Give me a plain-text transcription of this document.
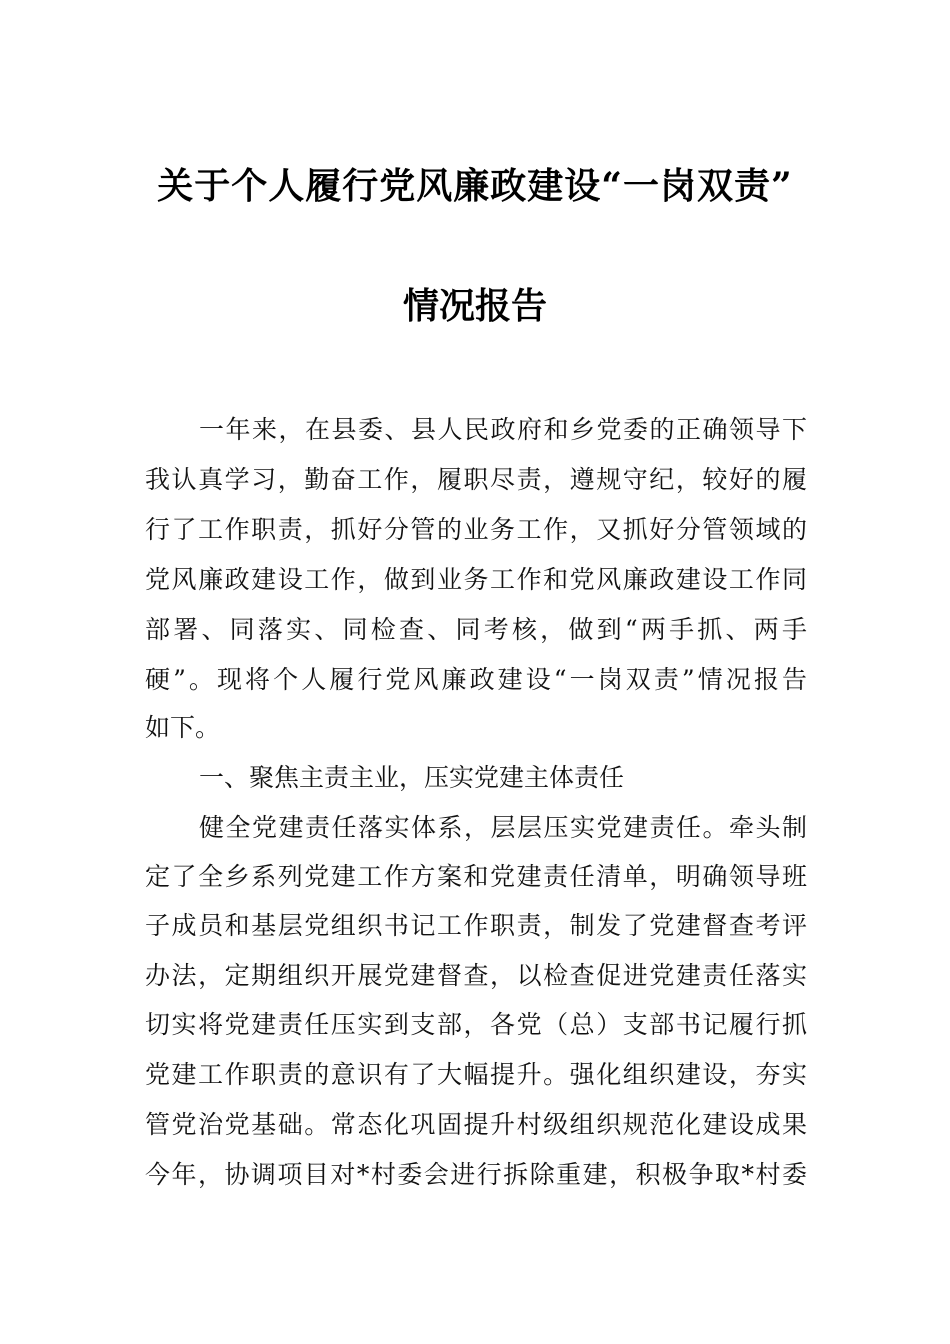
关于个人履行党风廉政建设“一岗双责”
情况报告
一年来，在县委、县人民政府和乡党委的正确领导下
我认真学习，勤奋工作，履职尽责，遵规守纪，较好的履
行了工作职责，抓好分管的业务工作，又抓好分管领域的
党风廉政建设工作，做到业务工作和党风廉政建设工作同
部署、同落实、同检查、同考核，做到“两手抓、两手
硬”。现将个人履行党风廉政建设“一岗双责”情况报告
如下。
一、聚焦主责主业，压实党建主体责任
健全党建责任落实体系，层层压实党建责任。牵头制
定了全乡系列党建工作方案和党建责任清单，明确领导班
子成员和基层党组织书记工作职责，制发了党建督查考评
办法，定期组织开展党建督查，以检查促进党建责任落实
切实将党建责任压实到支部，各党（总）支部书记履行抓
党建工作职责的意识有了大幅提升。强化组织建设，夯实
管党治党基础。常态化巩固提升村级组织规范化建设成果
今年，协调项目对*村委会进行拆除重建，积极争取*村委
